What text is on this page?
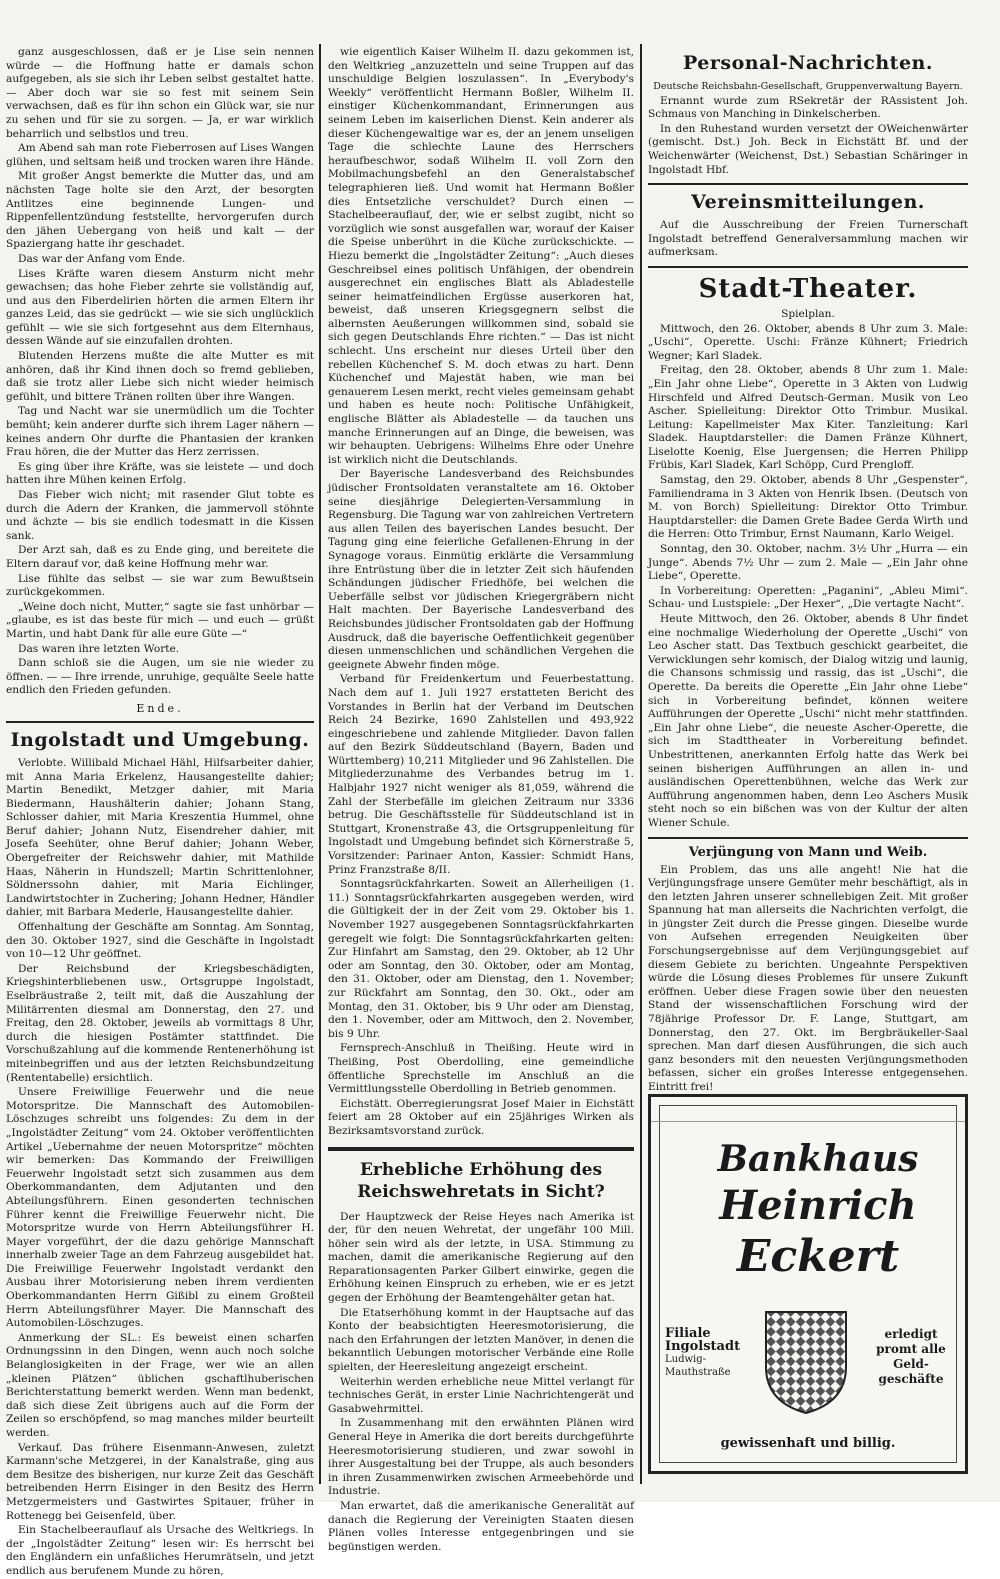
ganz ausgeschlossen, daß er je Lise sein nennen würde — die Hoffnung hatte er damals schon aufgegeben, als sie sich ihr Leben selbst gestaltet hatte. — Aber doch war sie so fest mit seinem Sein verwachsen, daß es für ihn schon ein Glück war, sie nur zu sehen und für sie zu sorgen. — Ja, er war wirklich beharrlich und selbstlos und treu.
Am Abend sah man rote Fieberrosen auf Lises Wangen glühen, und seltsam heiß und trocken waren ihre Hände.
Mit großer Angst bemerkte die Mutter das, und am nächsten Tage holte sie den Arzt, der besorgten Antlitzes eine beginnende Lungen- und Rippenfellentzündung feststellte, hervorgerufen durch den jähen Uebergang von heiß und kalt — der Spaziergang hatte ihr geschadet.
Das war der Anfang vom Ende.
Lises Kräfte waren diesem Ansturm nicht mehr gewachsen; das hohe Fieber zehrte sie vollständig auf, und aus den Fiberdelirien hörten die armen Eltern ihr ganzes Leid, das sie gedrückt — wie sie sich unglücklich gefühlt — wie sie sich fortgesehnt aus dem Elternhaus, dessen Wände auf sie einzufallen drohten.
Blutenden Herzens mußte die alte Mutter es mit anhören, daß ihr Kind ihnen doch so fremd geblieben, daß sie trotz aller Liebe sich nicht wieder heimisch gefühlt, und bittere Tränen rollten über ihre Wangen.
Tag und Nacht war sie unermüdlich um die Tochter bemüht; kein anderer durfte sich ihrem Lager nähern — keines andern Ohr durfte die Phantasien der kranken Frau hören, die der Mutter das Herz zerrissen.
Es ging über ihre Kräfte, was sie leistete — und doch hatten ihre Mühen keinen Erfolg.
Das Fieber wich nicht; mit rasender Glut tobte es durch die Adern der Kranken, die jammervoll stöhnte und ächzte — bis sie endlich todesmatt in die Kissen sank.
Der Arzt sah, daß es zu Ende ging, und bereitete die Eltern darauf vor, daß keine Hoffnung mehr war.
Lise fühlte das selbst — sie war zum Bewußtsein zurückgekommen.
„Weine doch nicht, Mutter,“ sagte sie fast unhörbar — „glaube, es ist das beste für mich — und euch — grüßt Martin, und habt Dank für alle eure Güte —“
Das waren ihre letzten Worte.
Dann schloß sie die Augen, um sie nie wieder zu öffnen. — — Ihre irrende, unruhige, gequälte Seele hatte endlich den Frieden gefunden.
Ende.
Ingolstadt und Umgebung.
Verlobte. Willibald Michael Hähl, Hilfsarbeiter dahier, mit Anna Maria Erkelenz, Hausangestellte dahier; Martin Benedikt, Metzger dahier, mit Maria Biedermann, Haushälterin dahier; Johann Stang, Schlosser dahier, mit Maria Kreszentia Hummel, ohne Beruf dahier; Johann Nutz, Eisendreher dahier, mit Josefa Seehüter, ohne Beruf dahier; Johann Weber, Obergefreiter der Reichswehr dahier, mit Mathilde Haas, Näherin in Hundszell; Martin Schrittenlohner, Söldnerssohn dahier, mit Maria Eichlinger, Landwirtstochter in Zuchering; Johann Hedner, Händler dahier, mit Barbara Mederle, Hausangestellte dahier.
Offenhaltung der Geschäfte am Sonntag. Am Sonntag, den 30. Oktober 1927, sind die Geschäfte in Ingolstadt von 10—12 Uhr geöffnet.
Der Reichsbund der Kriegsbeschädigten, Kriegshinterbliebenen usw., Ortsgruppe Ingolstadt, Eselbräustraße 2, teilt mit, daß die Auszahlung der Militärrenten diesmal am Donnerstag, den 27. und Freitag, den 28. Oktober, jeweils ab vormittags 8 Uhr, durch die hiesigen Postämter stattfindet. Die Vorschußzahlung auf die kommende Rentenerhöhung ist miteinbegriffen und aus der letzten Reichsbundzeitung (Rententabelle) ersichtlich.
Unsere Freiwillige Feuerwehr und die neue Motorspritze. Die Mannschaft des Automobilen-Löschzuges schreibt uns folgendes: Zu dem in der „Ingolstädter Zeitung“ vom 24. Oktober veröffentlichten Artikel „Uebernahme der neuen Motorspritze“ möchten wir bemerken: Das Kommando der Freiwilligen Feuerwehr Ingolstadt setzt sich zusammen aus dem Oberkommandanten, dem Adjutanten und den Abteilungsführern. Einen gesonderten technischen Führer kennt die Freiwillige Feuerwehr nicht. Die Motorspritze wurde von Herrn Abteilungsführer H. Mayer vorgeführt, der die dazu gehörige Mannschaft innerhalb zweier Tage an dem Fahrzeug ausgebildet hat. Die Freiwillige Feuerwehr Ingolstadt verdankt den Ausbau ihrer Motorisierung neben ihrem verdienten Oberkommandanten Herrn Gißibl zu einem Großteil Herrn Abteilungsführer Mayer. Die Mannschaft des Automobilen-Löschzuges.
Anmerkung der SL.: Es beweist einen scharfen Ordnungssinn in den Dingen, wenn auch noch solche Belanglosigkeiten in der Frage, wer wie an allen „kleinen Plätzen“ üblichen gschaftlhuberischen Berichterstattung bemerkt werden. Wenn man bedenkt, daß sich diese Zeit übrigens auch auf die Form der Zeilen so erschöpfend, so mag manches milder beurteilt werden.
Verkauf. Das frühere Eisenmann-Anwesen, zuletzt Karmann'sche Metzgerei, in der Kanalstraße, ging aus dem Besitze des bisherigen, nur kurze Zeit das Geschäft betreibenden Herrn Eisinger in den Besitz des Herrn Metzgermeisters und Gastwirtes Spitauer, früher in Rottenegg bei Geisenfeld, über.
Ein Stachelbeerauflauf als Ursache des Weltkriegs. In der „Ingolstädter Zeitung“ lesen wir: Es herrscht bei den Engländern ein unfaßliches Herumrätseln, und jetzt endlich aus berufenem Munde zu hören,
wie eigentlich Kaiser Wilhelm II. dazu gekommen ist, den Weltkrieg „anzuzetteln und seine Truppen auf das unschuldige Belgien loszulassen“. In „Everybody's Weekly“ veröffentlicht Hermann Boßler, Wilhelm II. einstiger Küchenkommandant, Erinnerungen aus seinem Leben im kaiserlichen Dienst. Kein anderer als dieser Küchengewaltige war es, der an jenem unseligen Tage die schlechte Laune des Herrschers heraufbeschwor, sodaß Wilhelm II. voll Zorn den Mobilmachungsbefehl an den Generalstabschef telegraphieren ließ. Und womit hat Hermann Boßler dies Entsetzliche verschuldet? Durch einen — Stachelbeerauflauf, der, wie er selbst zugibt, nicht so vorzüglich wie sonst ausgefallen war, worauf der Kaiser die Speise unberührt in die Küche zurückschickte. — Hiezu bemerkt die „Ingolstädter Zeitung“: „Auch dieses Geschreibsel eines politisch Unfähigen, der obendrein ausgerechnet ein englisches Blatt als Abladestelle seiner heimatfeindlichen Ergüsse auserkoren hat, beweist, daß unseren Kriegsgegnern selbst die albernsten Aeußerungen willkommen sind, sobald sie sich gegen Deutschlands Ehre richten.“ — Das ist nicht schlecht. Uns erscheint nur dieses Urteil über den rebellen Küchenchef S. M. doch etwas zu hart. Denn Küchenchef und Majestät haben, wie man bei genauerem Lesen merkt, recht vieles gemeinsam gehabt und haben es heute noch: Politische Unfähigkeit, englische Blätter als Abladestelle — da tauchen uns manche Erinnerungen auf an Dinge, die beweisen, was wir behaupten. Uebrigens: Wilhelms Ehre oder Unehre ist wirklich nicht die Deutschlands.
Der Bayerische Landesverband des Reichsbundes jüdischer Frontsoldaten veranstaltete am 16. Oktober seine diesjährige Delegierten-Versammlung in Regensburg. Die Tagung war von zahlreichen Vertretern aus allen Teilen des bayerischen Landes besucht. Der Tagung ging eine feierliche Gefallenen-Ehrung in der Synagoge voraus. Einmütig erklärte die Versammlung ihre Entrüstung über die in letzter Zeit sich häufenden Schändungen jüdischer Friedhöfe, bei welchen die Ueberfälle selbst vor jüdischen Kriegergräbern nicht Halt machten. Der Bayerische Landesverband des Reichsbundes jüdischer Frontsoldaten gab der Hoffnung Ausdruck, daß die bayerische Oeffentlichkeit gegenüber diesen unmenschlichen und schändlichen Vergehen die geeignete Abwehr finden möge.
Verband für Freidenkertum und Feuerbestattung. Nach dem auf 1. Juli 1927 erstatteten Bericht des Vorstandes in Berlin hat der Verband im Deutschen Reich 24 Bezirke, 1690 Zahlstellen und 493,922 eingeschriebene und zahlende Mitglieder. Davon fallen auf den Bezirk Süddeutschland (Bayern, Baden und Württemberg) 10,211 Mitglieder und 96 Zahlstellen. Die Mitgliederzunahme des Verbandes betrug im 1. Halbjahr 1927 nicht weniger als 81,059, während die Zahl der Sterbefälle im gleichen Zeitraum nur 3336 betrug. Die Geschäftsstelle für Süddeutschland ist in Stuttgart, Kronenstraße 43, die Ortsgruppenleitung für Ingolstadt und Umgebung befindet sich Körnerstraße 5, Vorsitzender: Parinaer Anton, Kassier: Schmidt Hans, Prinz Franzstraße 8/II.
Sonntagsrückfahrkarten. Soweit an Allerheiligen (1. 11.) Sonntagsrückfahrkarten ausgegeben werden, wird die Gültigkeit der in der Zeit vom 29. Oktober bis 1. November 1927 ausgegebenen Sonntagsrückfahrkarten geregelt wie folgt: Die Sonntagsrückfahrkarten gelten: Zur Hinfahrt am Samstag, den 29. Oktober, ab 12 Uhr oder am Sonntag, den 30. Oktober, oder am Montag, den 31. Oktober, oder am Dienstag, den 1. November; zur Rückfahrt am Sonntag, den 30. Okt., oder am Montag, den 31. Oktober, bis 9 Uhr oder am Dienstag, den 1. November, oder am Mittwoch, den 2. November, bis 9 Uhr.
Fernsprech-Anschluß in Theißing. Heute wird in Theißing, Post Oberdolling, eine gemeindliche öffentliche Sprechstelle im Anschluß an die Vermittlungsstelle Oberdolling in Betrieb genommen.
Eichstätt. Oberregierungsrat Josef Maier in Eichstätt feiert am 28 Oktober auf ein 25jähriges Wirken als Bezirksamtsvorstand zurück.
Erhebliche Erhöhung des Reichswehretats in Sicht?
Der Hauptzweck der Reise Heyes nach Amerika ist der, für den neuen Wehretat, der ungefähr 100 Mill. höher sein wird als der letzte, in USA. Stimmung zu machen, damit die amerikanische Regierung auf den Reparationsagenten Parker Gilbert einwirke, gegen die Erhöhung keinen Einspruch zu erheben, wie er es jetzt gegen der Erhöhung der Beamtengehälter getan hat.
Die Etatserhöhung kommt in der Hauptsache auf das Konto der beabsichtigten Heeresmotorisierung, die nach den Erfahrungen der letzten Manöver, in denen die bekanntlich Uebungen motorischer Verbände eine Rolle spielten, der Heeresleitung angezeigt erscheint.
Weiterhin werden erhebliche neue Mittel verlangt für technisches Gerät, in erster Linie Nachrichtengerät und Gasabwehrmittel.
In Zusammenhang mit den erwähnten Plänen wird General Heye in Amerika die dort bereits durchgeführte Heeresmotorisierung studieren, und zwar sowohl in ihrer Ausgestaltung bei der Truppe, als auch besonders in ihren Zusammenwirken zwischen Armeebehörde und Industrie.
Man erwartet, daß die amerikanische Generalität auf danach die Regierung der Vereinigten Staaten diesen Plänen volles Interesse entgegenbringen und sie begünstigen werden.
Personal-Nachrichten.
Deutsche Reichsbahn-Gesellschaft, Gruppenverwaltung Bayern.
Ernannt wurde zum RSekretär der RAssistent Joh. Schmaus von Manching in Dinkelscherben.
In den Ruhestand wurden versetzt der OWeichenwärter (gemischt. Dst.) Joh. Beck in Eichstätt Bf. und der Weichenwärter (Weichenst, Dst.) Sebastian Schäringer in Ingolstadt Hbf.
Vereinsmitteilungen.
Auf die Ausschreibung der Freien Turnerschaft Ingolstadt betreffend Generalversammlung machen wir aufmerksam.
Stadt-Theater.
Spielplan.
Mittwoch, den 26. Oktober, abends 8 Uhr zum 3. Male: „Uschi“, Operette. Uschi: Fränze Kühnert; Friedrich Wegner; Karl Sladek.
Freitag, den 28. Oktober, abends 8 Uhr zum 1. Male: „Ein Jahr ohne Liebe“, Operette in 3 Akten von Ludwig Hirschfeld und Alfred Deutsch-German. Musik von Leo Ascher. Spielleitung: Direktor Otto Trimbur. Musikal. Leitung: Kapellmeister Max Kiter. Tanzleitung: Karl Sladek. Hauptdarsteller: die Damen Fränze Kühnert, Liselotte Koenig, Else Juergensen; die Herren Philipp Frübis, Karl Sladek, Karl Schöpp, Curd Prengloff.
Samstag, den 29. Oktober, abends 8 Uhr „Gespenster“, Familiendrama in 3 Akten von Henrik Ibsen. (Deutsch von M. von Borch) Spielleitung: Direktor Otto Trimbur. Hauptdarsteller: die Damen Grete Badee Gerda Wirth und die Herren: Otto Trimbur, Ernst Naumann, Karlo Weigel.
Sonntag, den 30. Oktober, nachm. 3½ Uhr „Hurra — ein Junge“. Abends 7½ Uhr — zum 2. Male — „Ein Jahr ohne Liebe“, Operette.
In Vorbereitung: Operetten: „Paganini“, „Ableu Mimi“. Schau- und Lustspiele: „Der Hexer“, „Die vertagte Nacht“.
Heute Mittwoch, den 26. Oktober, abends 8 Uhr findet eine nochmalige Wiederholung der Operette „Uschi“ von Leo Ascher statt. Das Textbuch geschickt gearbeitet, die Verwicklungen sehr komisch, der Dialog witzig und launig, die Chansons schmissig und rassig, das ist „Uschi“, die Operette. Da bereits die Operette „Ein Jahr ohne Liebe“ sich in Vorbereitung befindet, können weitere Aufführungen der Operette „Uschi“ nicht mehr stattfinden. „Ein Jahr ohne Liebe“, die neueste Ascher-Operette, die sich im Stadttheater in Vorbereitung befindet. Unbestrittenen, anerkannten Erfolg hatte das Werk bei seinen bisherigen Aufführungen an allen in- und ausländischen Operettenbühnen, welche das Werk zur Aufführung angenommen haben, denn Leo Aschers Musik steht noch so ein bißchen was von der Kultur der alten Wiener Schule.
Verjüngung von Mann und Weib.
Ein Problem, das uns alle angeht! Nie hat die Verjüngungsfrage unsere Gemüter mehr beschäftigt, als in den letzten Jahren unserer schnellebigen Zeit. Mit großer Spannung hat man allerseits die Nachrichten verfolgt, die in jüngster Zeit durch die Presse gingen. Dieselbe wurde von Aufsehen erregenden Neuigkeiten über Forschungsergebnisse auf dem Verjüngungsgebiet auf diesem Gebiete zu berichten. Ungeahnte Perspektiven würde die Lösung dieses Problemes für unsere Zukunft eröffnen. Ueber diese Fragen sowie über den neuesten Stand der wissenschaftlichen Forschung wird der 78jährige Professor Dr. F. Lange, Stuttgart, am Donnerstag, den 27. Okt. im Bergbräukeller-Saal sprechen. Man darf diesen Ausführungen, die sich auch ganz besonders mit den neuesten Verjüngungsmethoden befassen, sicher ein großes Interesse entgegensehen. Eintritt frei!
Bankhaus
Heinrich
Eckert
Filiale
Ingolstadt
Ludwig-
Mauthstraße
erledigt
promt alle
Geld-
geschäfte
gewissenhaft und billig.
